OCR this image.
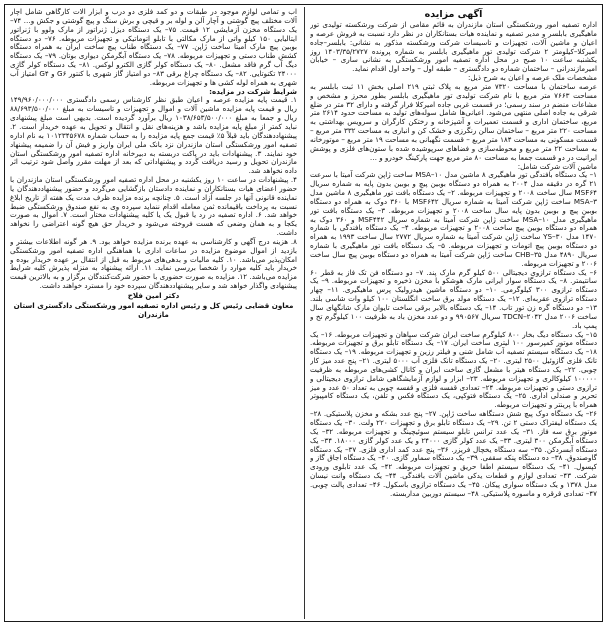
آگهی مزایده
اداره تصفیه امور ورشکستگی استان مازندران به قائم مقامی از شرکت ورشکسته تولیدی تور ماهیگیری بابلسر و مدیر تصفیه و نماینده هیات بستانکاران در نظر دارد نسبت به فروش عرصه و اعیان و ماشین آلات، تجهیزات و تاسیسات شرکت ورشکسته مذکور به نشانی: بابلسر–جاده امیرکلا–کیلومتر ۲ شرکت تولیدی تور ماهیگیری بابلسر به شماره پرونده ۱۴۰۳/۳۵/۲۷۲۷ روز یکشنبه ساعت ۱۰ صبح در محل اداره تصفیه امور ورشکستگی به نشانی ساری – خیابان امیرمازندرانی – ساختمان شماره دو دادگستری – طبقه اول – واحد اول اقدام نماید.
مشخصات ملک عرصه و اعیان به شرح ذیل:
عرصه ساختمان با مساحت ۷۳۲۰ متر مربع به پلاک ثبتی ۲۱۹ اصلی بخش ۱۱ ثبت بابلسر به مساحت ۷۶۶۳ متر مربع با نام شرکت تولیدی تور ماهیگیری بابلسر بطور محرز و مشخص و مشاعات منضم در سند رسمی؛ در قسمت غربی جاده امیرکلا فرار گرفته و دارای ۳۲ متر در ضلع شرقی به جاده اصلی منتهی می‌شود. اعیانی‌ها شامل سوله‌های تولید به مساحت حدود ۲۶۱۴ متر مربع، ساختمان اداری و قسمت تعمیرات و آشپزخانه و رختکن کارگران و سرویس بهداشتی به مساحت ۲۲۰ متر مربع – ساختمان سالن رنگرزی و خشک کن و انباری به مساحت ۳۳۲ متر مربع – قسمت مسکونی به مساحت ۱۸۴ متر مربع – قسمت نگهبانی به مساحت ۱۹ متر مربع – موتورخانه به مساحت ۲۲ متر مربع و محوطه‌سازی و فضاهای سرپوشیده شده با ستون‌های فلزی و پوشش ایرانیت در دو قسمت جمعا به مساحت ۸۰ متر مربع جهت پارکینگ خودرو و …
ماشین آلات شرکت شامل:
۱– یک دستگاه بافندگی تور ماهیگیری ۸ ماشین مدل ۱۰–MSA ساخت ژاپن شرکت آمیتا با سرعت ۲۱ گره در دقیقه مدل ۲۰۰۴ به همراه دو دستگاه بوبین پیچ و بوبین بدون پایه به شماره سریال MSF۶۴ سال ساخت ۲۰۰۸ و تجهیزات مربوطه. ۲– یک دستگاه بافت تور ماهیگیری ۸ ماشین مدل MSA–۳ ساخت ژاپن شرکت آمیتا به شماره سریال MSF۶۴۲ با ۳۶۰ دوک به همراه دو دستگاه بوبین پیچ و بوبین بدون پایه سال ساخت ۲۰۰۸ و تجهیزات مربوطه. ۳– یک دستگاه بافت تور ماهیگیری مدل ۱۰–MSA ساخت ژاپن شرکت آمیتا به شماره سریال MSF۴۴۲ و ۳۶۰ دوک به همراه دو دستگاه بوبین پیچ ساخت ۲۰۰۸ و تجهیزات مربوطه. ۴– یک دستگاه بافندگی با شماره ۱۴۷۰ مدل ۳۰–YS ساخت ژاپن شرکت آمیتا به شماره سریال ۲۷۷۲ سال ساخت ۱۹۹۳ به همراه دو دستگاه بوبین پیچ اتومات و تجهیزات مربوطه. ۵– یک دستگاه بافت تور ماهیگیری با شماره سریال ۴۸۹۰ مدل CHB–۳۵ ساخت ژاپن شرکت آمیتا به همراه دو دستگاه بوبین پیچ سال ساخت ۲۰۰۶ و تجهیزات مربوطه.
۶– یک دستگاه ترازوی دیجیتالی ۵۰۰ کیلو گرم مارک پند. ۷– دو دستگاه فن تک فاز به قطر ۶۰ سانتیمتر. ۸– یک دستگاه سوار ایرانی مارک هوشکو با مخزن ذخیره و تجهیزات مربوطه. ۹– یک دستگاه ترازوی ۳۰۰ کیلوگرمی. ۱۰– دو دستگاه ماشین هیدرولیک پرس ماهیگیری. ۱۱– چهار دستگاه ترازوی عقربه‌ای. ۱۲– یک دستگاه مولد برق ساخت انگلستان ۱۰۰ کیلو وات شاسی بلند. ۱۳– دو دستگاه گره زن تور تاب. ۱۴– یک دستگاه بالابر برقی ساخت تایوان مارک شانگهای سال ساخت ۲۰۰۶ مدل TDCN–۲۰۴۲ سریال ۹۹۰۵۶۷ و دو عدد مخزن باد به ظرفیت ۱۰۰ کیلوگرم تخ و پمپ باد.
۱۵– یک دستگاه دیگ بخار ۸۰۰ کیلوگرم ساخت ایران شرکت سپاهان و تجهیزات مربوطه. ۱۶– یک دستگاه موتور کمپرسور ۱۰۰ لیتری ساخت ایران. ۱۷– یک دستگاه تابلو برق و تجهیزات مربوطه. ۱۸– یک دستگاه سیستم تصفیه آب شامل شنی و فیلتر رزین و تجهیزات مربوطه. ۱۹– یک دستگاه تانک فلزی گازوئیل ۲۵۰۰ لیتری. ۲۰– یک دستگاه تانک فلزی آب ۵۰۰۰ لیتری. ۲۱– پنج عدد میز کار چوبی. ۲۲– یک دستگاه هیتر با مشعل گازی ساخت ایران و کانال کشی‌های مربوطه به ظرفیت ۱۰۰۰۰۰ کیلوکالری و تجهیزات مربوطه. ۲۳– ابزار و لوازم آزمایشگاهی شامل ترازوی دیجیتالی و ترازوی دستی و تجهیزات مربوطه. ۲۴– تعدادی قفسه فلزی و قفسه چوبی به تعداد ۵۰ عدد و میز تحریر و صندلی اداری. ۲۵– یک دستگاه فتوکپی، یک دستگاه فکس و تلفن، یک دستگاه کامپیوتر همراه با پرینتر و تجهیزات مربوطه.
۲۶– یک دستگاه دوک پیچ شش دستگاهه ساخت ژاپن. ۲۷– پنج عدد بشکه و مخزن پلاستیکی. ۲۸– یک دستگاه لیفتراک دستی ۲ تن. ۲۹– یک دستگاه تابلو برق و تجهیزات ۲۲۰ ولت. ۳۰– یک دستگاه موتور برق سه فاز. ۳۱– یک عدد ترانس تابلو سیستم سوئیچینگ و تجهیزات مربوطه. ۳۲– یک دستگاه آبگرمکن ۳۰۰ لیتری. ۳۳– یک عدد کولر گازی ۲۴۰۰۰ و یک عدد کولر گازی ۱۸۰۰۰. ۳۴– یک دستگاه آبسردکن. ۳۵– سه دستگاه یخچال فریزر. ۳۶– پنج عدد کمد اداری فلزی. ۳۷– یک دستگاه گاوصندوق. ۳۸– ده دستگاه پنکه سقفی. ۳۹– یک دستگاه سماور گازی. ۴۰– یک دستگاه اجاق گاز و کپسول. ۴۱– یک دستگاه سیستم اطفا حریق و تجهیزات مربوطه. ۴۲– یک عدد تابلوی ورودی شرکت. ۴۳– تعدادی لوازم و قطعات یدکی ماشین آلات بافندگی. ۴۴– یک دستگاه وانت نیسان مدل ۱۳۷۸ و یک دستگاه سواری پیکان. ۴۵– یک دستگاه ترازوی باسکول. ۴۶– تعدادی پالت چوبی. ۴۷– تعدادی قرقره و ماسوره پلاستیکی. ۴۸– سیستم دوربین مداربسته.
آب و تمامی لوازم موجود در طبقات و دو کمد فلزی دو درب و ابزار آلات کارگاهی شامل آچار آلات مختلف پیچ گوشتی و آچار آلن و لوله بر و قیچی و برش سنگ و پیچ گوشتی و جکش و… ۷۴– یک دستگاه مخزن آزمایشی ۱۲ قیمت. ۷۵– یک دستگاه دیزل ژنراتور از مارک ولوو با ژنراتور ایتالیایی ۱۵۰ کیلو واتی از مارک مکالتی با تابلو اتوماتیکی و تجهیزات مربوطه. ۷۶– دو دستگاه بوبین پیچ مارک آمیتا ساخت ژاپن. ۷۷– یک دستگاه طناب پیچ ساخت ایران به همراه دستگاه کشش طناب دستی و تجهیزات مربوطه. ۷۸– یک دستگاه آبگرمکن دیواری بوتان. ۷۹– یک دستگاه دیگ آب گرم فاقد مشعل. ۸۰– یک دستگاه کولر گازی الکترو لوکس. ۸۱– یک دستگاه کولر گازی ۲۴۰۰۰ تکنوتایی. ۸۲– یک دستگاه چراغ برقی ۸۳– دو امتیاز گاز شهری با کنتور G۶ و G۴ امتیاز آب شهری به همراه لوله کشی ها و تجهیزات مربوطه.
شرایط شرکت در مزایده:
۱. قیمت پایه مزایده عرصه و اعیان طبق نظر کارشناس رسمی دادگستری ۱۴۹/۹۶۰/۰۰۰/۰۰۰ ریال و قیمت پایه مزایده ماشین آلات و اموال و تجهیزات و تاسیسات به مبلغ ۸۸/۶۹۳/۵۰۰/۰۰۰ ریال و جمعا به مبلغ ۱۰۳۸/۶۵۳/۵۰۰/۰۰۰ ریال برآورد گردیده است. بدیهی است مبلغ پیشنهادی نباید کمتر از مبلغ پایه مزایده باشد و هزینه‌های نقل و انتقال و تحویل به عهده خریدار است. ۲. پیشنهاددهندگان باید قبلاً ۵٪ قیمت جمع پایه مزایده را به حساب شماره ۱۰۱۲۳۴۵۶۷۸ به نام اداره تصفیه امور ورشکستگی استان مازندران نزد بانک ملی ایران واریز و فیش آن را ضمیمه پیشنهاد خود نمایند. ۳. پیشنهادات باید در پاکت دربسته به دبیرخانه اداره تصفیه امور ورشکستگی استان مازندران تحویل و رسید دریافت گردد و پیشنهاداتی که بعد از مهلت مقرر واصل شود ترتیب اثر داده نخواهد شد.
۴. پیشنهادات در ساعت ۱۰ روز یکشنبه در محل اداره تصفیه امور ورشکستگی استان مازندران با حضور اعضای هیات بستانکاران و نماینده دادستان بازگشایی می‌گردد و حضور پیشنهاددهندگان یا نماینده قانونی آنها در جلسه آزاد است. ۵. چنانچه برنده مزایده ظرف مدت یک هفته از تاریخ ابلاغ نسبت به پرداخت باقیمانده ثمن معامله اقدام ننماید سپرده وی به نفع صندوق ورشکستگی ضبط خواهد شد. ۶. اداره تصفیه در رد یا قبول یک یا کلیه پیشنهادات مختار است. ۷. اموال به صورت یکجا و به همان وضعی که هست فروخته می‌شود و خریدار حق هیچ گونه اعتراضی را نخواهد داشت.
۸. هزینه درج آگهی و کارشناسی به عهده برنده مزایده خواهد بود. ۹. هر گونه اطلاعات بیشتر و بازدید از اموال موضوع مزایده در ساعات اداری با هماهنگی اداره تصفیه امور ورشکستگی امکان‌پذیر می‌باشد. ۱۰. کلیه مالیات و بدهی‌های مربوط به قبل از انتقال بر عهده خریدار بوده و خریدار باید کلیه موارد را شخصا بررسی نماید. ۱۱. ارائه پیشنهاد به منزله پذیرش کلیه شرایط مزایده می‌باشد. ۱۲. مزایده به صورت حضوری با حضور شرکت‌کنندگان برگزار و به بالاترین قیمت پیشنهادی واگذار خواهد شد و سایر پیشنهاددهندگان سپرده خود را مسترد خواهند داشت.
دکتر امین فلاح
معاون قضایی رئیس کل و رئیس اداره تصفیه امور ورشکستگی دادگستری استان
مازندران
